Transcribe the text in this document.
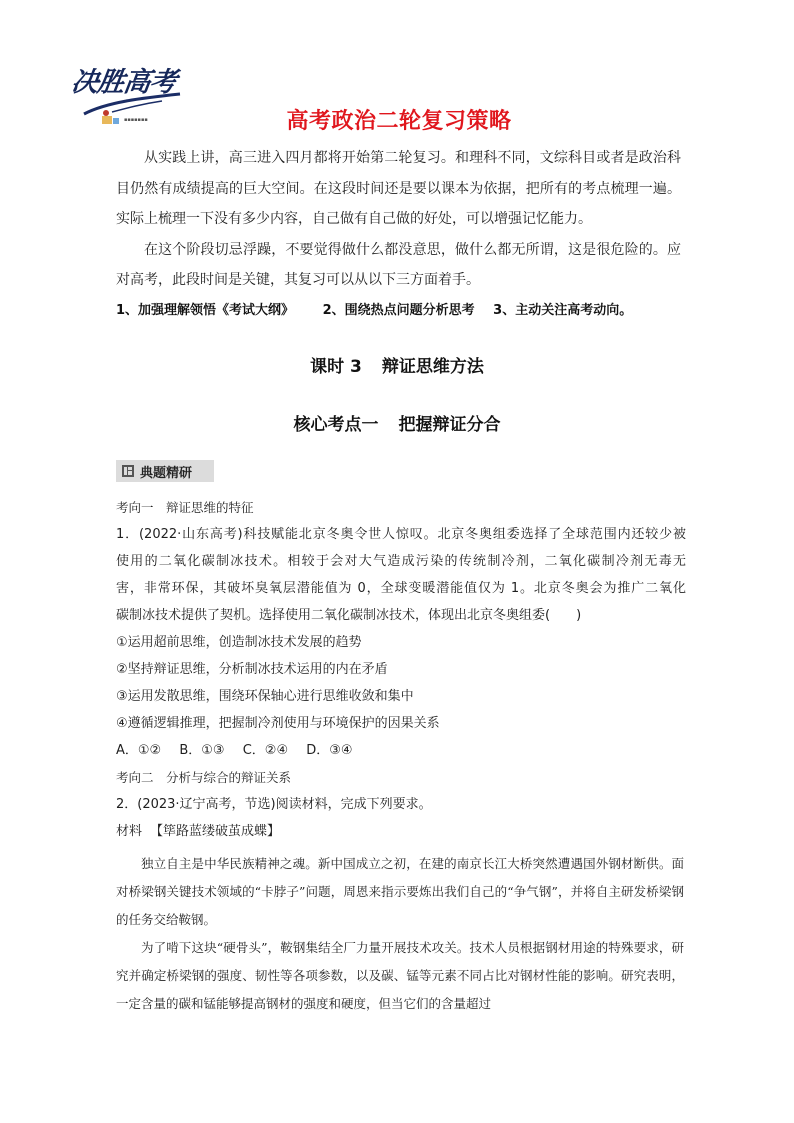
决胜高考
▪▪▪▪▪▪▪	高考政治二轮复习策略

从实践上讲，高三进入四月都将开始第二轮复习。和理科不同，文综科目或者是政治科目仍然有成绩提高的巨大空间。在这段时间还是要以课本为依据，把所有的考点梳理一遍。实际上梳理一下没有多少内容，自己做有自己做的好处，可以增强记忆能力。

在这个阶段切忌浮躁，不要觉得做什么都没意思，做什么都无所谓，这是很危险的。应对高考，此段时间是关键，其复习可以从以下三方面着手。

1、加强理解领悟《考试大纲》 2、围绕热点问题分析思考 3、主动关注高考动向。
课时 3 辩证思维方法
核心考点一 把握辩证分合
典题精研
考向一　辩证思维的特征
1．(2022·山东高考)科技赋能北京冬奥令世人惊叹。北京冬奥组委选择了全球范围内还较少被
使用的二氧化碳制冰技术。相较于会对大气造成污染的传统制冷剂，二氧化碳制冷剂无毒无
害，非常环保，其破坏臭氧层潜能值为 0，全球变暖潜能值仅为 1。北京冬奥会为推广二氧化
碳制冰技术提供了契机。选择使用二氧化碳制冰技术，体现出北京冬奥组委(　　)
①运用超前思维，创造制冰技术发展的趋势
②坚持辩证思维，分析制冰技术运用的内在矛盾
③运用发散思维，围绕环保轴心进行思维收敛和集中
④遵循逻辑推理，把握制冷剂使用与环境保护的因果关系
A．①② B．①③ C．②④ D．③④
考向二　分析与综合的辩证关系
2．(2023·辽宁高考，节选)阅读材料，完成下列要求。
材料 【筚路蓝缕破茧成蝶】

独立自主是中华民族精神之魂。新中国成立之初，在建的南京长江大桥突然遭遇国外钢材断供。面对桥梁钢关键技术领域的“卡脖子”问题，周恩来指示要炼出我们自己的“争气钢”，并将自主研发桥梁钢的任务交给鞍钢。

为了啃下这块“硬骨头”，鞍钢集结全厂力量开展技术攻关。技术人员根据钢材用途的特殊要求，研究并确定桥梁钢的强度、韧性等各项参数，以及碳、锰等元素不同占比对钢材性能的影响。研究表明，一定含量的碳和锰能够提高钢材的强度和硬度，但当它们的含量超过
